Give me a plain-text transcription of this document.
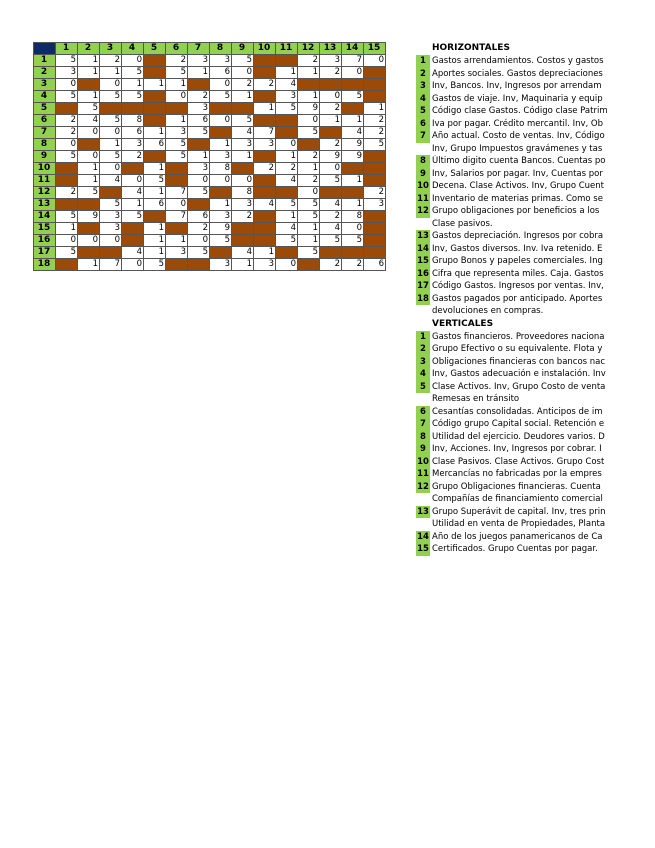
	1	2	3	4	5	6	7	8	9	10	11	12	13	14	15
1	5	1	2	0		2	3	3	5			2	3	7	0
2	3	1	1	5		5	1	6	0		1	1	2	0	
3	0		0	1	1	1		0	2	2	4				
4	5	1	5	5		0	2	5	1		3	1	0	5	
5		5					3			1	5	9	2		1
6	2	4	5	8		1	6	0	5			0	1	1	2
7	2	0	0	6	1	3	5		4	7		5		4	2
8	0		1	3	6	5		1	3	3	0		2	9	5
9	5	0	5	2		5	1	3	1		1	2	9	9	
10		1	0		1		3	8		2	2	1	0		
11		1	4	0	5		0	0	0		4	2	5	1	
12	2	5		4	1	7	5		8			0			2
13			5	1	6	0		1	3	4	5	5	4	1	3
14	5	9	3	5		7	6	3	2		1	5	2	8	
15	1		3		1		2	9			4	1	4	0	
16	0	0	0		1	1	0	5			5	1	5	5	
17	5			4	1	3	5		4	1		5			
18		1	7	0	5			3	1	3	0		2	2	6
HORIZONTALES
1 Gastos arrendamientos. Costos y gastos
2 Aportes sociales. Gastos depreciaciones
3 Inv, Bancos. Inv, Ingresos por arrendam
4 Gastos de viaje. Inv, Maquinaria y equip
5 Código clase Gastos. Código clase Patrim
6 Iva por pagar. Crédito mercantil. Inv, Ob
7 Año actual. Costo de ventas. Inv, Código
Inv, Grupo Impuestos gravámenes y tas
8 Último digito cuenta Bancos. Cuentas po
9 Inv, Salarios por pagar. Inv, Cuentas por
10 Decena. Clase Activos. Inv, Grupo Cuent
11 Inventario de materias primas. Como se
12 Grupo obligaciones por beneficios a los
Clase pasivos.
13 Gastos depreciación. Ingresos por cobra
14 Inv, Gastos diversos. Inv. Iva retenido. E
15 Grupo Bonos y papeles comerciales. Ing
16 Cifra que representa miles. Caja. Gastos
17 Código Gastos. Ingresos por ventas. Inv,
18 Gastos pagados por anticipado. Aportes
devoluciones en compras.
VERTICALES
1 Gastos financieros. Proveedores naciona
2 Grupo Efectivo o su equivalente. Flota y
3 Obligaciones financieras con bancos nac
4 Inv, Gastos adecuación e instalación. Inv
5 Clase Activos. Inv, Grupo Costo de venta
Remesas en tránsito
6 Cesantías consolidadas. Anticipos de im
7 Código grupo Capital social. Retención e
8 Utilidad del ejercicio. Deudores varios. D
9 Inv, Acciones. Inv, Ingresos por cobrar. I
10 Clase Pasivos. Clase Activos. Grupo Cost
11 Mercancías no fabricadas por la empres
12 Grupo Obligaciones financieras. Cuenta
Compañías de financiamiento comercial
13 Grupo Superávit de capital. Inv, tres prin
Utilidad en venta de Propiedades, Planta
14 Año de los juegos panamericanos de Ca
15 Certificados. Grupo Cuentas por pagar.
